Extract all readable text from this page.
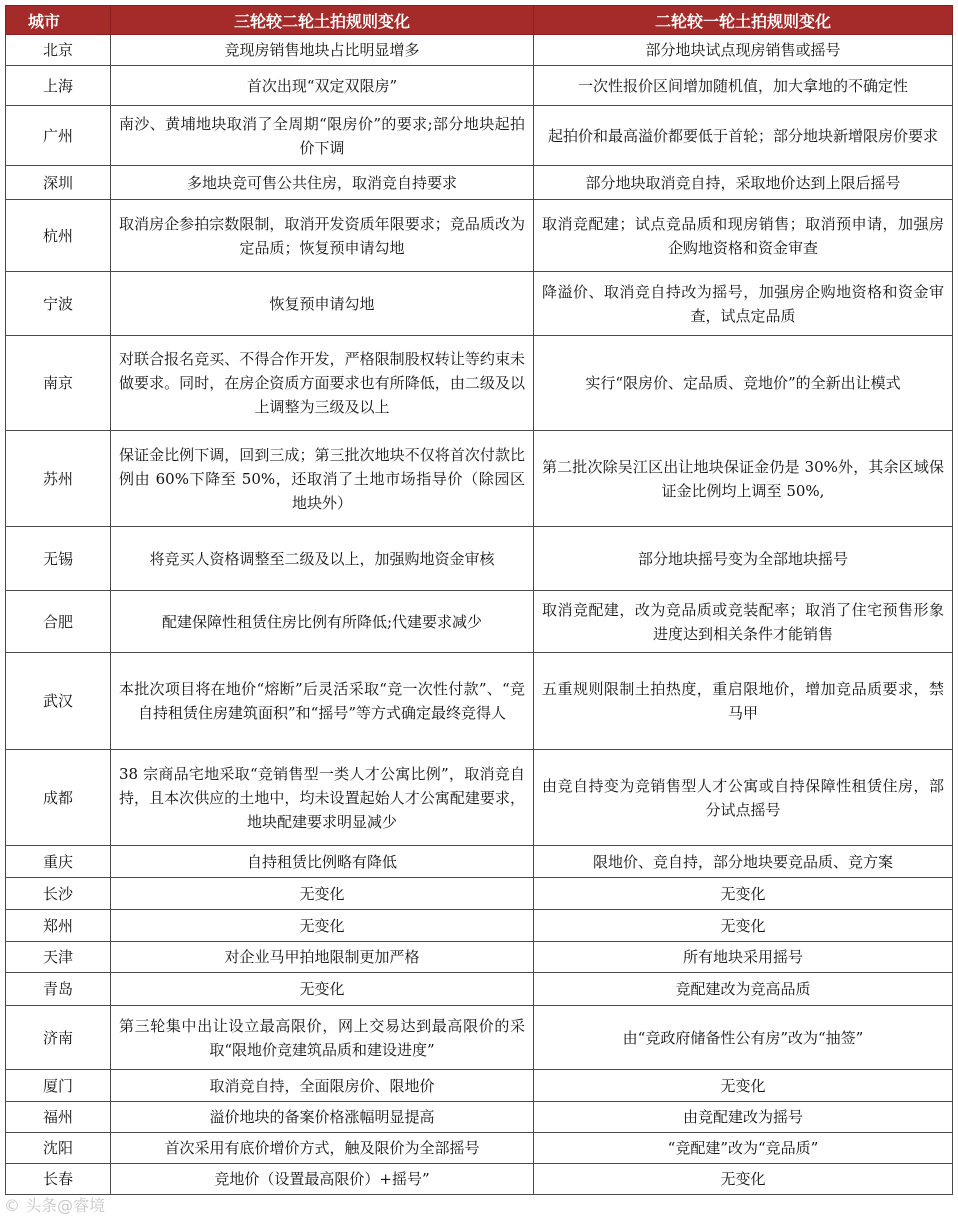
城市	三轮较二轮土拍规则变化	二轮较一轮土拍规则变化
北京	竞现房销售地块占比明显增多	部分地块试点现房销售或摇号
上海	首次出现“双定双限房”	一次性报价区间增加随机值，加大拿地的不确定性
广州	南沙、黄埔地块取消了全周期“限房价”的要求;部分地块起拍价下调	起拍价和最高溢价都要低于首轮；部分地块新增限房价要求
深圳	多地块竞可售公共住房，取消竞自持要求	部分地块取消竞自持，采取地价达到上限后摇号
杭州	取消房企参拍宗数限制，取消开发资质年限要求；竞品质改为定品质；恢复预申请勾地	取消竞配建；试点竞品质和现房销售；取消预申请，加强房企购地资格和资金审查
宁波	恢复预申请勾地	降溢价、取消竞自持改为摇号，加强房企购地资格和资金审查，试点定品质
南京	对联合报名竞买、不得合作开发，严格限制股权转让等约束未做要求。同时，在房企资质方面要求也有所降低，由二级及以上调整为三级及以上	实行“限房价、定品质、竞地价”的全新出让模式
苏州	保证金比例下调，回到三成；第三批次地块不仅将首次付款比例由 60%下降至 50%，还取消了土地市场指导价（除园区地块外）	第二批次除吴江区出让地块保证金仍是 30%外，其余区域保证金比例均上调至 50%,
无锡	将竞买人资格调整至二级及以上，加强购地资金审核	部分地块摇号变为全部地块摇号
合肥	配建保障性租赁住房比例有所降低;代建要求减少	取消竞配建，改为竞品质或竞装配率；取消了住宅预售形象进度达到相关条件才能销售
武汉	本批次项目将在地价“熔断”后灵活采取“竞一次性付款”、“竞自持租赁住房建筑面积”和“摇号”等方式确定最终竞得人	五重规则限制土拍热度，重启限地价，增加竞品质要求，禁马甲
成都	38 宗商品宅地采取“竞销售型一类人才公寓比例”，取消竞自持，且本次供应的土地中，均未设置起始人才公寓配建要求，地块配建要求明显减少	由竞自持变为竞销售型人才公寓或自持保障性租赁住房，部分试点摇号
重庆	自持租赁比例略有降低	限地价、竞自持，部分地块要竞品质、竞方案
长沙	无变化	无变化
郑州	无变化	无变化
天津	对企业马甲拍地限制更加严格	所有地块采用摇号
青岛	无变化	竞配建改为竞高品质
济南	第三轮集中出让设立最高限价，网上交易达到最高限价的采取“限地价竞建筑品质和建设进度”	由“竞政府储备性公有房”改为“抽签”
厦门	取消竞自持，全面限房价、限地价	无变化
福州	溢价地块的备案价格涨幅明显提高	由竞配建改为摇号
沈阳	首次采用有底价增价方式，触及限价为全部摇号	“竞配建”改为“竞品质”
长春	竞地价（设置最高限价）+摇号”	无变化
© 头条@睿境
